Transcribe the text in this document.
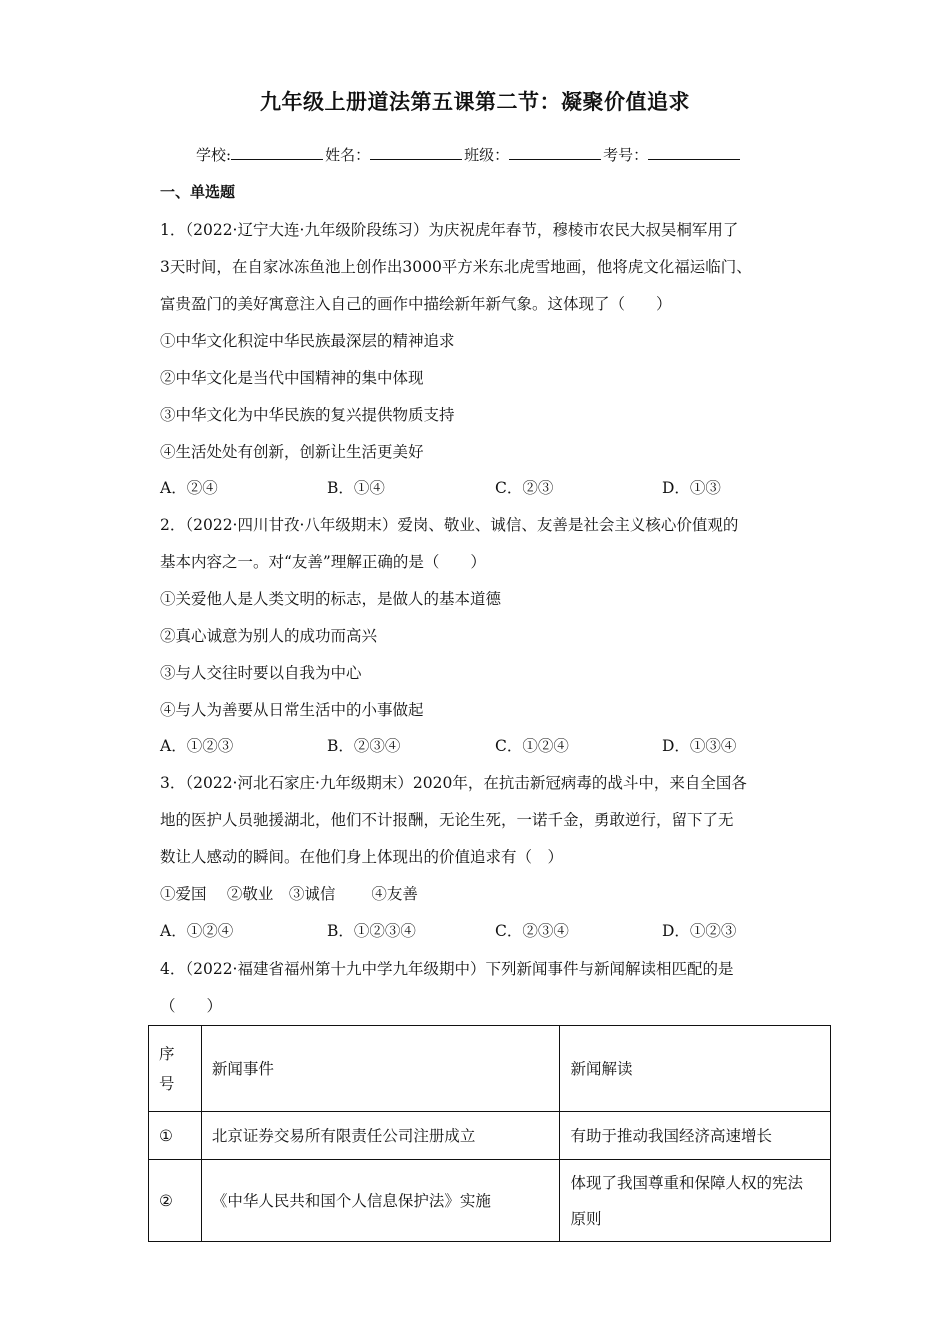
九年级上册道法第五课第二节：凝聚价值追求
学校:	姓名：	班级：	考号：
一、单选题
1．（2022·辽宁大连·九年级阶段练习）为庆祝虎年春节，穆棱市农民大叔吴桐军用了
3天时间，在自家冰冻鱼池上创作出3000平方米东北虎雪地画，他将虎文化福运临门、
富贵盈门的美好寓意注入自己的画作中描绘新年新气象。这体现了（　　）
①中华文化积淀中华民族最深层的精神追求
②中华文化是当代中国精神的集中体现
③中华文化为中华民族的复兴提供物质支持
④生活处处有创新，创新让生活更美好
A．②④	B．①④	C．②③	D．①③
2．（2022·四川甘孜·八年级期末）爱岗、敬业、诚信、友善是社会主义核心价值观的
基本内容之一。对“友善”理解正确的是（　　）
①关爱他人是人类文明的标志，是做人的基本道德
②真心诚意为别人的成功而高兴
③与人交往时要以自我为中心
④与人为善要从日常生活中的小事做起
A．①②③	B．②③④	C．①②④	D．①③④
3．（2022·河北石家庄·九年级期末）2020年，在抗击新冠病毒的战斗中，来自全国各
地的医护人员驰援湖北，他们不计报酬，无论生死，一诺千金，勇敢逆行，留下了无
数让人感动的瞬间。在他们身上体现出的价值追求有（　）
①爱国　 ②敬业　③诚信　　 ④友善
A．①②④	B．①②③④	C．②③④	D．①②③
4．（2022·福建省福州第十九中学九年级期中）下列新闻事件与新闻解读相匹配的是
（　　）
序号	新闻事件	新闻解读
①	北京证券交易所有限责任公司注册成立	有助于推动我国经济高速增长
②	《中华人民共和国个人信息保护法》实施	体现了我国尊重和保障人权的宪法原则
